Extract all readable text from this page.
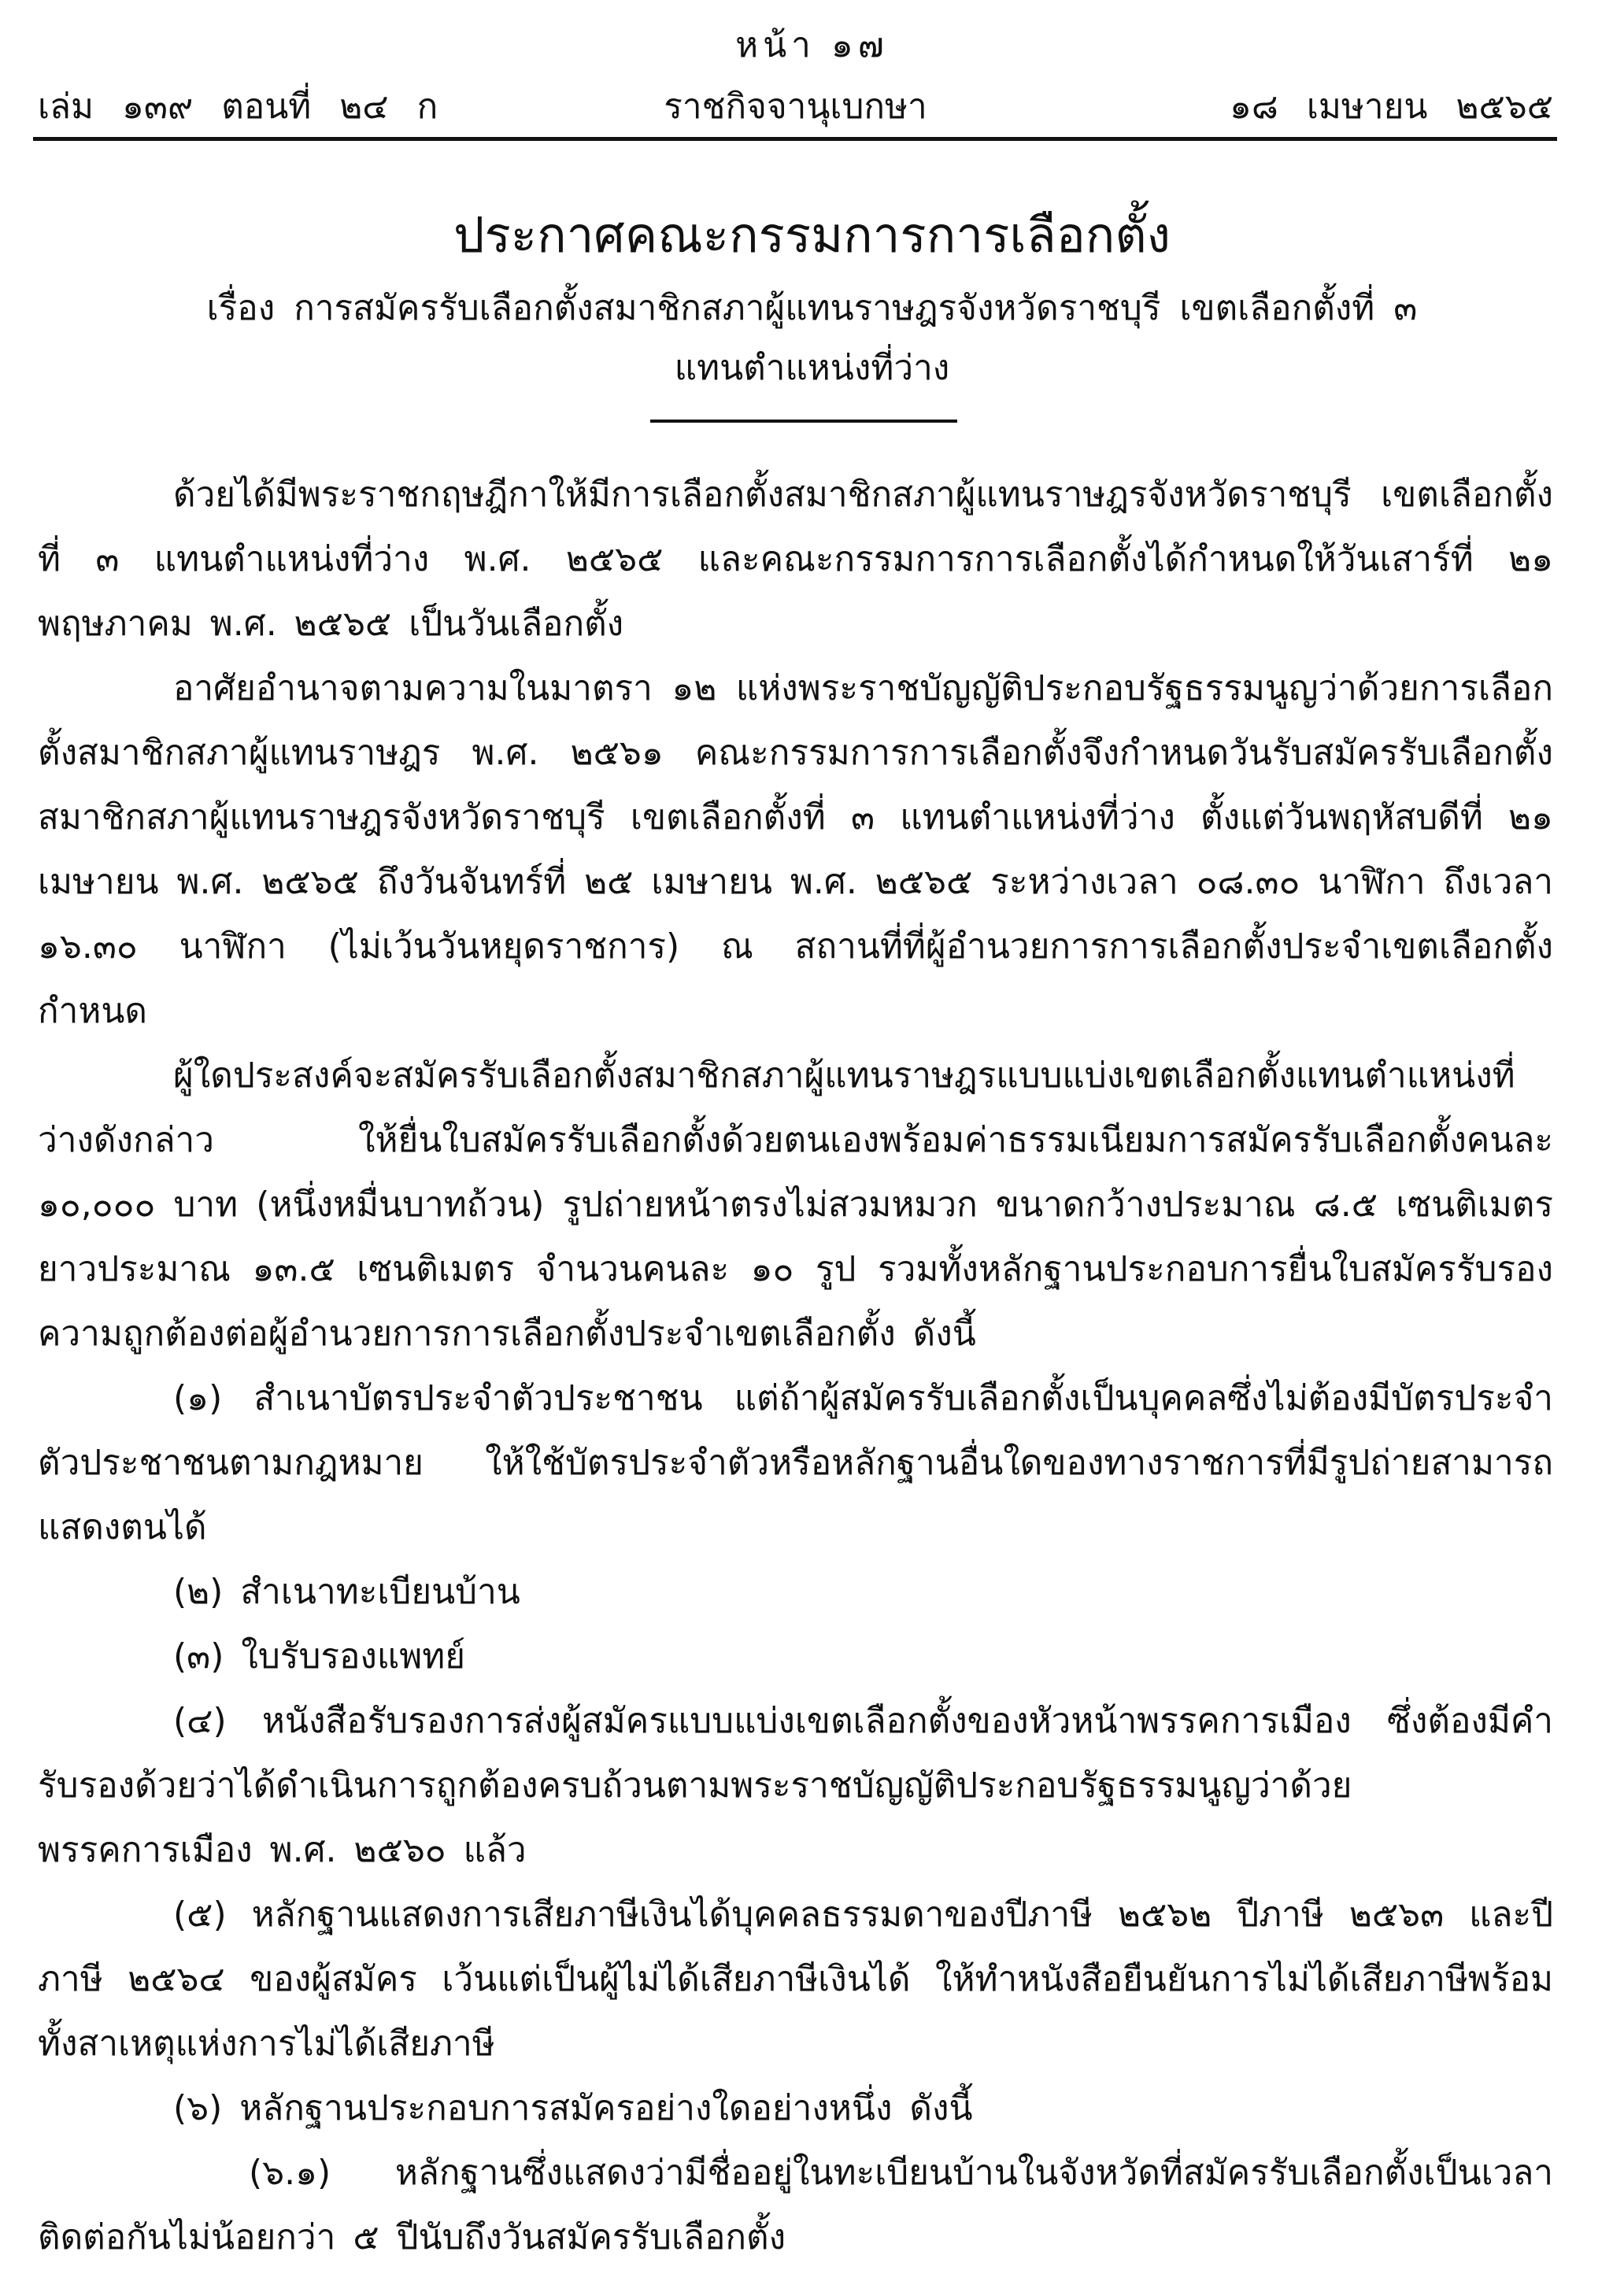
หน้า ๑๗
เล่ม ๑๓๙ ตอนที่ ๒๔ ก	ราชกิจจานุเบกษา	๑๘ เมษายน ๒๕๖๕
ประกาศคณะกรรมการการเลือกตั้ง
เรื่อง การสมัครรับเลือกตั้งสมาชิกสภาผู้แทนราษฎรจังหวัดราชบุรี เขตเลือกตั้งที่ ๓
แทนตำแหน่งที่ว่าง

ด้วยได้มีพระราชกฤษฎีกาให้มีการเลือกตั้งสมาชิกสภาผู้แทนราษฎรจังหวัดราชบุรี เขตเลือกตั้งที่ ๓ แทนตำแหน่งที่ว่าง พ.ศ. ๒๕๖๕ และคณะกรรมการการเลือกตั้งได้กำหนดให้วันเสาร์ที่ ๒๑ พฤษภาคม พ.ศ. ๒๕๖๕ เป็นวันเลือกตั้ง

อาศัยอำนาจตามความในมาตรา ๑๒ แห่งพระราชบัญญัติประกอบรัฐธรรมนูญว่าด้วยการเลือกตั้งสมาชิกสภาผู้แทนราษฎร พ.ศ. ๒๕๖๑ คณะกรรมการการเลือกตั้งจึงกำหนดวันรับสมัครรับเลือกตั้งสมาชิกสภาผู้แทนราษฎรจังหวัดราชบุรี เขตเลือกตั้งที่ ๓ แทนตำแหน่งที่ว่าง ตั้งแต่วันพฤหัสบดีที่ ๒๑ เมษายน พ.ศ. ๒๕๖๕ ถึงวันจันทร์ที่ ๒๕ เมษายน พ.ศ. ๒๕๖๕ ระหว่างเวลา ๐๘.๓๐ นาฬิกา ถึงเวลา ๑๖.๓๐ นาฬิกา (ไม่เว้นวันหยุดราชการ) ณ สถานที่ที่ผู้อำนวยการการเลือกตั้งประจำเขตเลือกตั้งกำหนด

ผู้ใดประสงค์จะสมัครรับเลือกตั้งสมาชิกสภาผู้แทนราษฎรแบบแบ่งเขตเลือกตั้งแทนตำแหน่งที่ว่างดังกล่าว ให้ยื่นใบสมัครรับเลือกตั้งด้วยตนเองพร้อมค่าธรรมเนียมการสมัครรับเลือกตั้งคนละ ๑๐,๐๐๐ บาท (หนึ่งหมื่นบาทถ้วน) รูปถ่ายหน้าตรงไม่สวมหมวก ขนาดกว้างประมาณ ๘.๕ เซนติเมตร ยาวประมาณ ๑๓.๕ เซนติเมตร จำนวนคนละ ๑๐ รูป รวมทั้งหลักฐานประกอบการยื่นใบสมัครรับรองความถูกต้องต่อผู้อำนวยการการเลือกตั้งประจำเขตเลือกตั้ง ดังนี้

(๑) สำเนาบัตรประจำตัวประชาชน แต่ถ้าผู้สมัครรับเลือกตั้งเป็นบุคคลซึ่งไม่ต้องมีบัตรประจำตัวประชาชนตามกฎหมาย ให้ใช้บัตรประจำตัวหรือหลักฐานอื่นใดของทางราชการที่มีรูปถ่ายสามารถแสดงตนได้

(๒) สำเนาทะเบียนบ้าน

(๓) ใบรับรองแพทย์

(๔) หนังสือรับรองการส่งผู้สมัครแบบแบ่งเขตเลือกตั้งของหัวหน้าพรรคการเมือง ซึ่งต้องมีคำรับรองด้วยว่าได้ดำเนินการถูกต้องครบถ้วนตามพระราชบัญญัติประกอบรัฐธรรมนูญว่าด้วยพรรคการเมือง พ.ศ. ๒๕๖๐ แล้ว

(๕) หลักฐานแสดงการเสียภาษีเงินได้บุคคลธรรมดาของปีภาษี ๒๕๖๒ ปีภาษี ๒๕๖๓ และปีภาษี ๒๕๖๔ ของผู้สมัคร เว้นแต่เป็นผู้ไม่ได้เสียภาษีเงินได้ ให้ทำหนังสือยืนยันการไม่ได้เสียภาษีพร้อมทั้งสาเหตุแห่งการไม่ได้เสียภาษี

(๖) หลักฐานประกอบการสมัครอย่างใดอย่างหนึ่ง ดังนี้

(๖.๑) หลักฐานซึ่งแสดงว่ามีชื่ออยู่ในทะเบียนบ้านในจังหวัดที่สมัครรับเลือกตั้งเป็นเวลาติดต่อกันไม่น้อยกว่า ๕ ปีนับถึงวันสมัครรับเลือกตั้ง
